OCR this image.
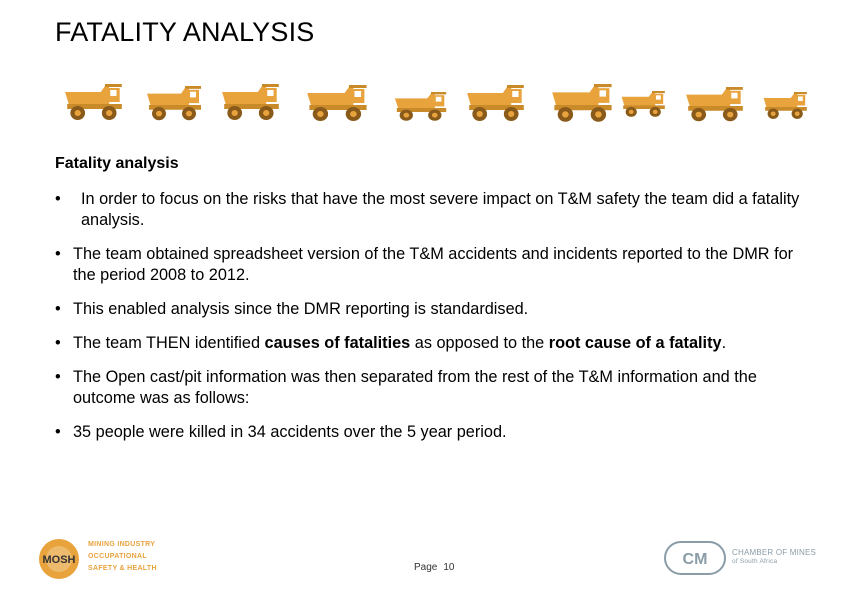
FATALITY ANALYSIS
Fatality analysis
• In order to focus on the risks that have the most severe impact on T&M safety the team did a fatality analysis.
• The team obtained spreadsheet version of the T&M accidents and incidents reported to the DMR for the period 2008 to 2012.
• This enabled analysis since the DMR reporting is standardised.
• The team THEN identified causes of fatalities as opposed to the root cause of a fatality.
• The Open cast/pit information was then separated from the rest of the T&M information and the outcome was as follows:
• 35 people were killed in 34 accidents over the 5 year period.
MOSH
MINING INDUSTRY
OCCUPATIONAL
SAFETY & HEALTH	Page 10	CM	CHAMBER OF MINES
of South Africa
